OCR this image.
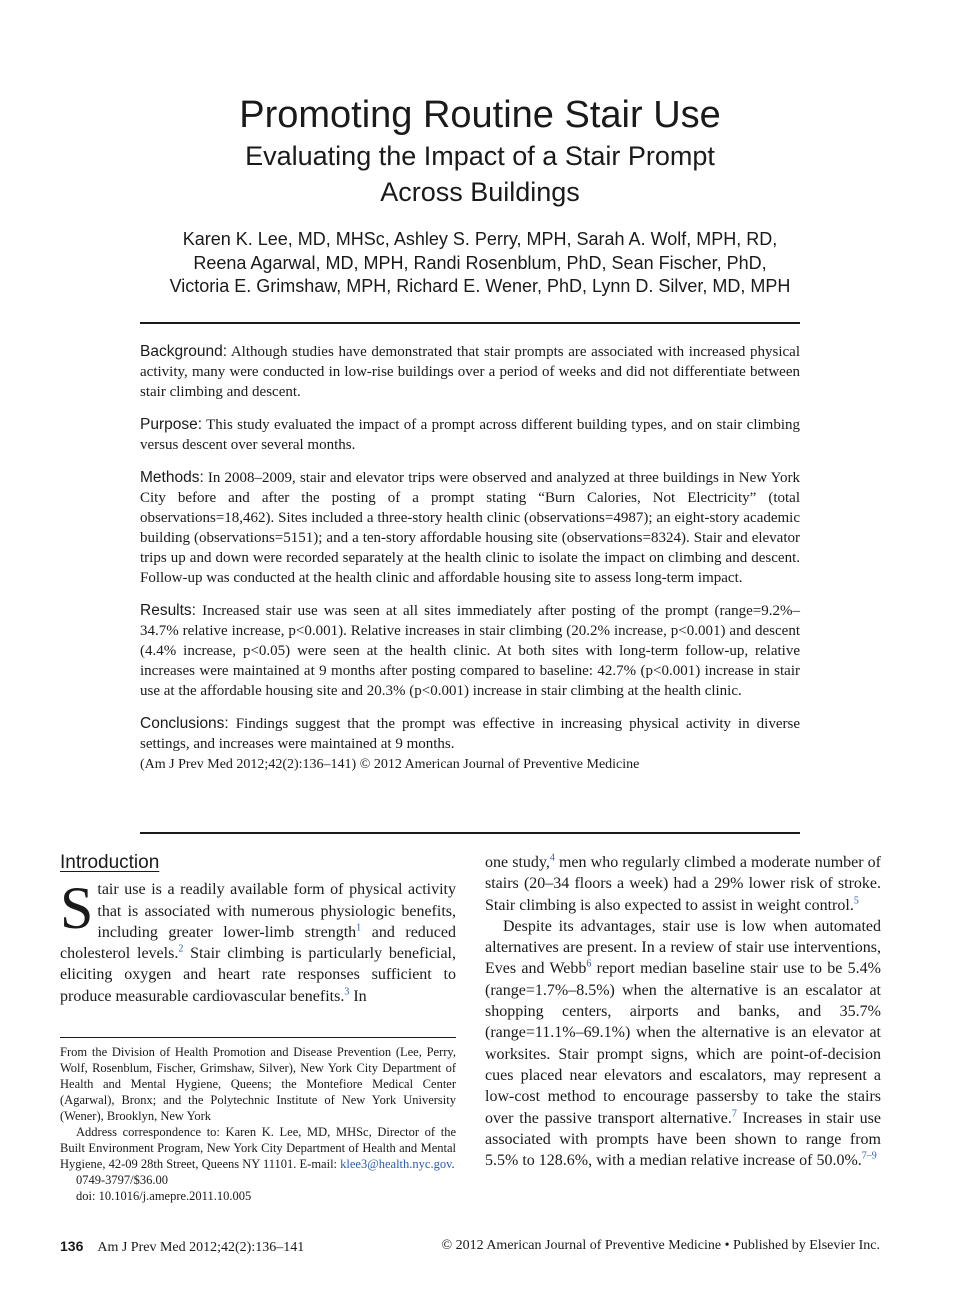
Promoting Routine Stair Use
Evaluating the Impact of a Stair Prompt
Across Buildings
Karen K. Lee, MD, MHSc, Ashley S. Perry, MPH, Sarah A. Wolf, MPH, RD,
Reena Agarwal, MD, MPH, Randi Rosenblum, PhD, Sean Fischer, PhD,
Victoria E. Grimshaw, MPH, Richard E. Wener, PhD, Lynn D. Silver, MD, MPH

Background: Although studies have demonstrated that stair prompts are associated with increased physical activity, many were conducted in low-rise buildings over a period of weeks and did not differentiate between stair climbing and descent.

Purpose: This study evaluated the impact of a prompt across different building types, and on stair climbing versus descent over several months.

Methods: In 2008–2009, stair and elevator trips were observed and analyzed at three buildings in New York City before and after the posting of a prompt stating “Burn Calories, Not Electricity” (total observations=18,462). Sites included a three-story health clinic (observations=4987); an eight-story academic building (observations=5151); and a ten-story affordable housing site (observations=8324). Stair and elevator trips up and down were recorded separately at the health clinic to isolate the impact on climbing and descent. Follow-up was conducted at the health clinic and affordable housing site to assess long-term impact.

Results: Increased stair use was seen at all sites immediately after posting of the prompt (range=9.2%–34.7% relative increase, p<0.001). Relative increases in stair climbing (20.2% increase, p<0.001) and descent (4.4% increase, p<0.05) were seen at the health clinic. At both sites with long-term follow-up, relative increases were maintained at 9 months after posting compared to baseline: 42.7% (p<0.001) increase in stair use at the affordable housing site and 20.3% (p<0.001) increase in stair climbing at the health clinic.

Conclusions: Findings suggest that the prompt was effective in increasing physical activity in diverse settings, and increases were maintained at 9 months.

(Am J Prev Med 2012;42(2):136–141) © 2012 American Journal of Preventive Medicine

Introduction

Stair use is a readily available form of physical activity that is associated with numerous physiologic benefits, including greater lower-limb strength$^1$ and reduced cholesterol levels.$^2$ Stair climbing is particularly beneficial, eliciting oxygen and heart rate responses sufficient to produce measurable cardiovascular benefits.$^3$ In

From the Division of Health Promotion and Disease Prevention (Lee, Perry, Wolf, Rosenblum, Fischer, Grimshaw, Silver), New York City Department of Health and Mental Hygiene, Queens; the Montefiore Medical Center (Agarwal), Bronx; and the Polytechnic Institute of New York University (Wener), Brooklyn, New York

Address correspondence to: Karen K. Lee, MD, MHSc, Director of the Built Environment Program, New York City Department of Health and Mental Hygiene, 42-09 28th Street, Queens NY 11101. E-mail: klee3@health.nyc.gov.

0749-3797/$36.00

doi: 10.1016/j.amepre.2011.10.005

one study,$^4$ men who regularly climbed a moderate number of stairs (20–34 floors a week) had a 29% lower risk of stroke. Stair climbing is also expected to assist in weight control.$^5$

Despite its advantages, stair use is low when automated alternatives are present. In a review of stair use interventions, Eves and Webb$^6$ report median baseline stair use to be 5.4% (range=1.7%–8.5%) when the alternative is an escalator at shopping centers, airports and banks, and 35.7% (range=11.1%–69.1%) when the alternative is an elevator at worksites. Stair prompt signs, which are point-of-decision cues placed near elevators and escalators, may represent a low-cost method to encourage passersby to take the stairs over the passive transport alternative.$^7$ Increases in stair use associated with prompts have been shown to range from 5.5% to 128.6%, with a median relative increase of 50.0%.$^{7-9}$

136 Am J Prev Med 2012;42(2):136–141	© 2012 American Journal of Preventive Medicine • Published by Elsevier Inc.
